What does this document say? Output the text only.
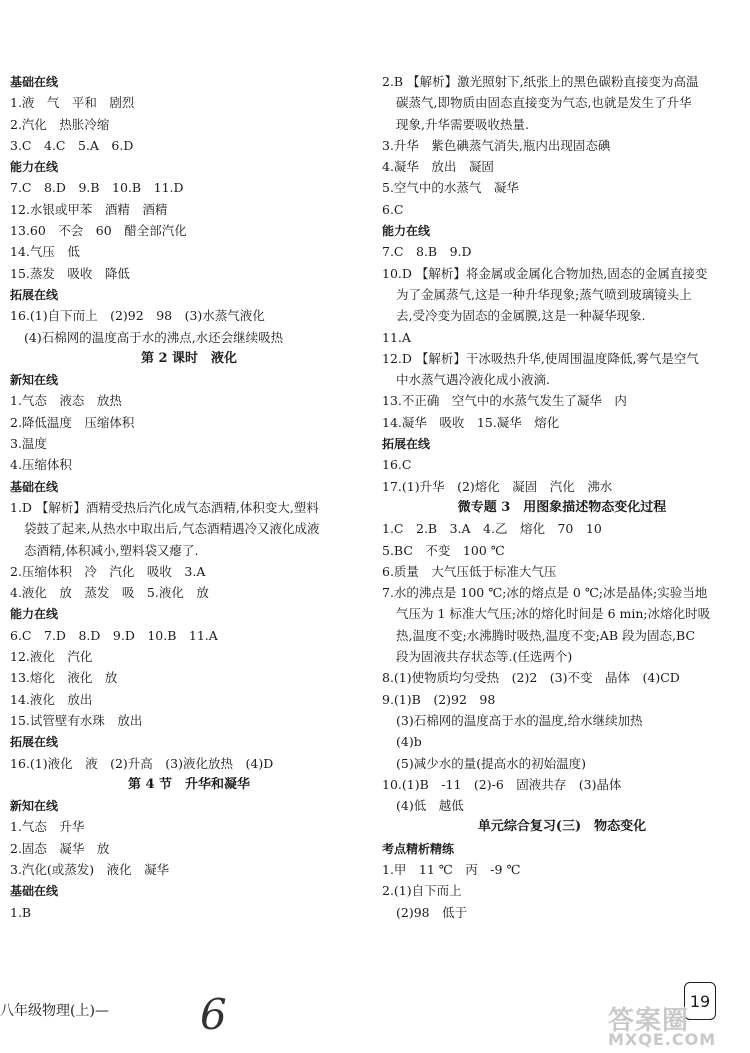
基础在线
1.液　气　平和　剧烈
2.汽化　热胀冷缩
3.C　4.C　5.A　6.D
能力在线
7.C　8.D　9.B　10.B　11.D
12.水银或甲苯　酒精　酒精
13.60　不会　60　醋全部汽化
14.气压　低
15.蒸发　吸收　降低
拓展在线
16.(1)自下而上　(2)92　98　(3)水蒸气液化
(4)石棉网的温度高于水的沸点,水还会继续吸热
第 2 课时　液化
新知在线
1.气态　液态　放热
2.降低温度　压缩体积
3.温度
4.压缩体积
基础在线
1.D 【解析】酒精受热后汽化成气态酒精,体积变大,塑料
袋鼓了起来,从热水中取出后,气态酒精遇冷又液化成液
态酒精,体积减小,塑料袋又瘪了.
2.压缩体积　冷　汽化　吸收　3.A
4.液化　放　蒸发　吸　5.液化　放
能力在线
6.C　7.D　8.D　9.D　10.B　11.A
12.液化　汽化
13.熔化　液化　放
14.液化　放出
15.试管壁有水珠　放出
拓展在线
16.(1)液化　液　(2)升高　(3)液化放热　(4)D
第 4 节　升华和凝华
新知在线
1.气态　升华
2.固态　凝华　放
3.汽化(或蒸发)　液化　凝华
基础在线
1.B
2.B 【解析】激光照射下,纸张上的黑色碳粉直接变为高温
碳蒸气,即物质由固态直接变为气态,也就是发生了升华
现象,升华需要吸收热量.
3.升华　紫色碘蒸气消失,瓶内出现固态碘
4.凝华　放出　凝固
5.空气中的水蒸气　凝华
6.C
能力在线
7.C　8.B　9.D
10.D 【解析】将金属或金属化合物加热,固态的金属直接变
为了金属蒸气,这是一种升华现象;蒸气喷到玻璃镜头上
去,受冷变为固态的金属膜,这是一种凝华现象.
11.A
12.D 【解析】干冰吸热升华,使周围温度降低,雾气是空气
中水蒸气遇冷液化成小液滴.
13.不正确　空气中的水蒸气发生了凝华　内
14.凝华　吸收　15.凝华　熔化
拓展在线
16.C
17.(1)升华　(2)熔化　凝固　汽化　沸水
微专题 3　用图象描述物态变化过程
1.C　2.B　3.A　4.乙　熔化　70　10
5.BC　不变　100 ℃
6.质量　大气压低于标准大气压
7.水的沸点是 100 ℃;冰的熔点是 0 ℃;冰是晶体;实验当地
气压为 1 标准大气压;冰的熔化时间是 6 min;冰熔化时吸
热,温度不变;水沸腾时吸热,温度不变;AB 段为固态,BC
段为固液共存状态等.(任选两个)
8.(1)使物质均匀受热　(2)2　(3)不变　晶体　(4)CD
9.(1)B　(2)92　98
(3)石棉网的温度高于水的温度,给水继续加热
(4)b
(5)减少水的量(提高水的初始温度)
10.(1)B　-11　(2)-6　固液共存　(3)晶体
(4)低　越低
单元综合复习(三)　物态变化
考点精析精练
1.甲　11 ℃　丙　-9 ℃
2.(1)自下而上
(2)98　低于
八年级物理(上)— 6	19
答案圈
MXQE.COM
